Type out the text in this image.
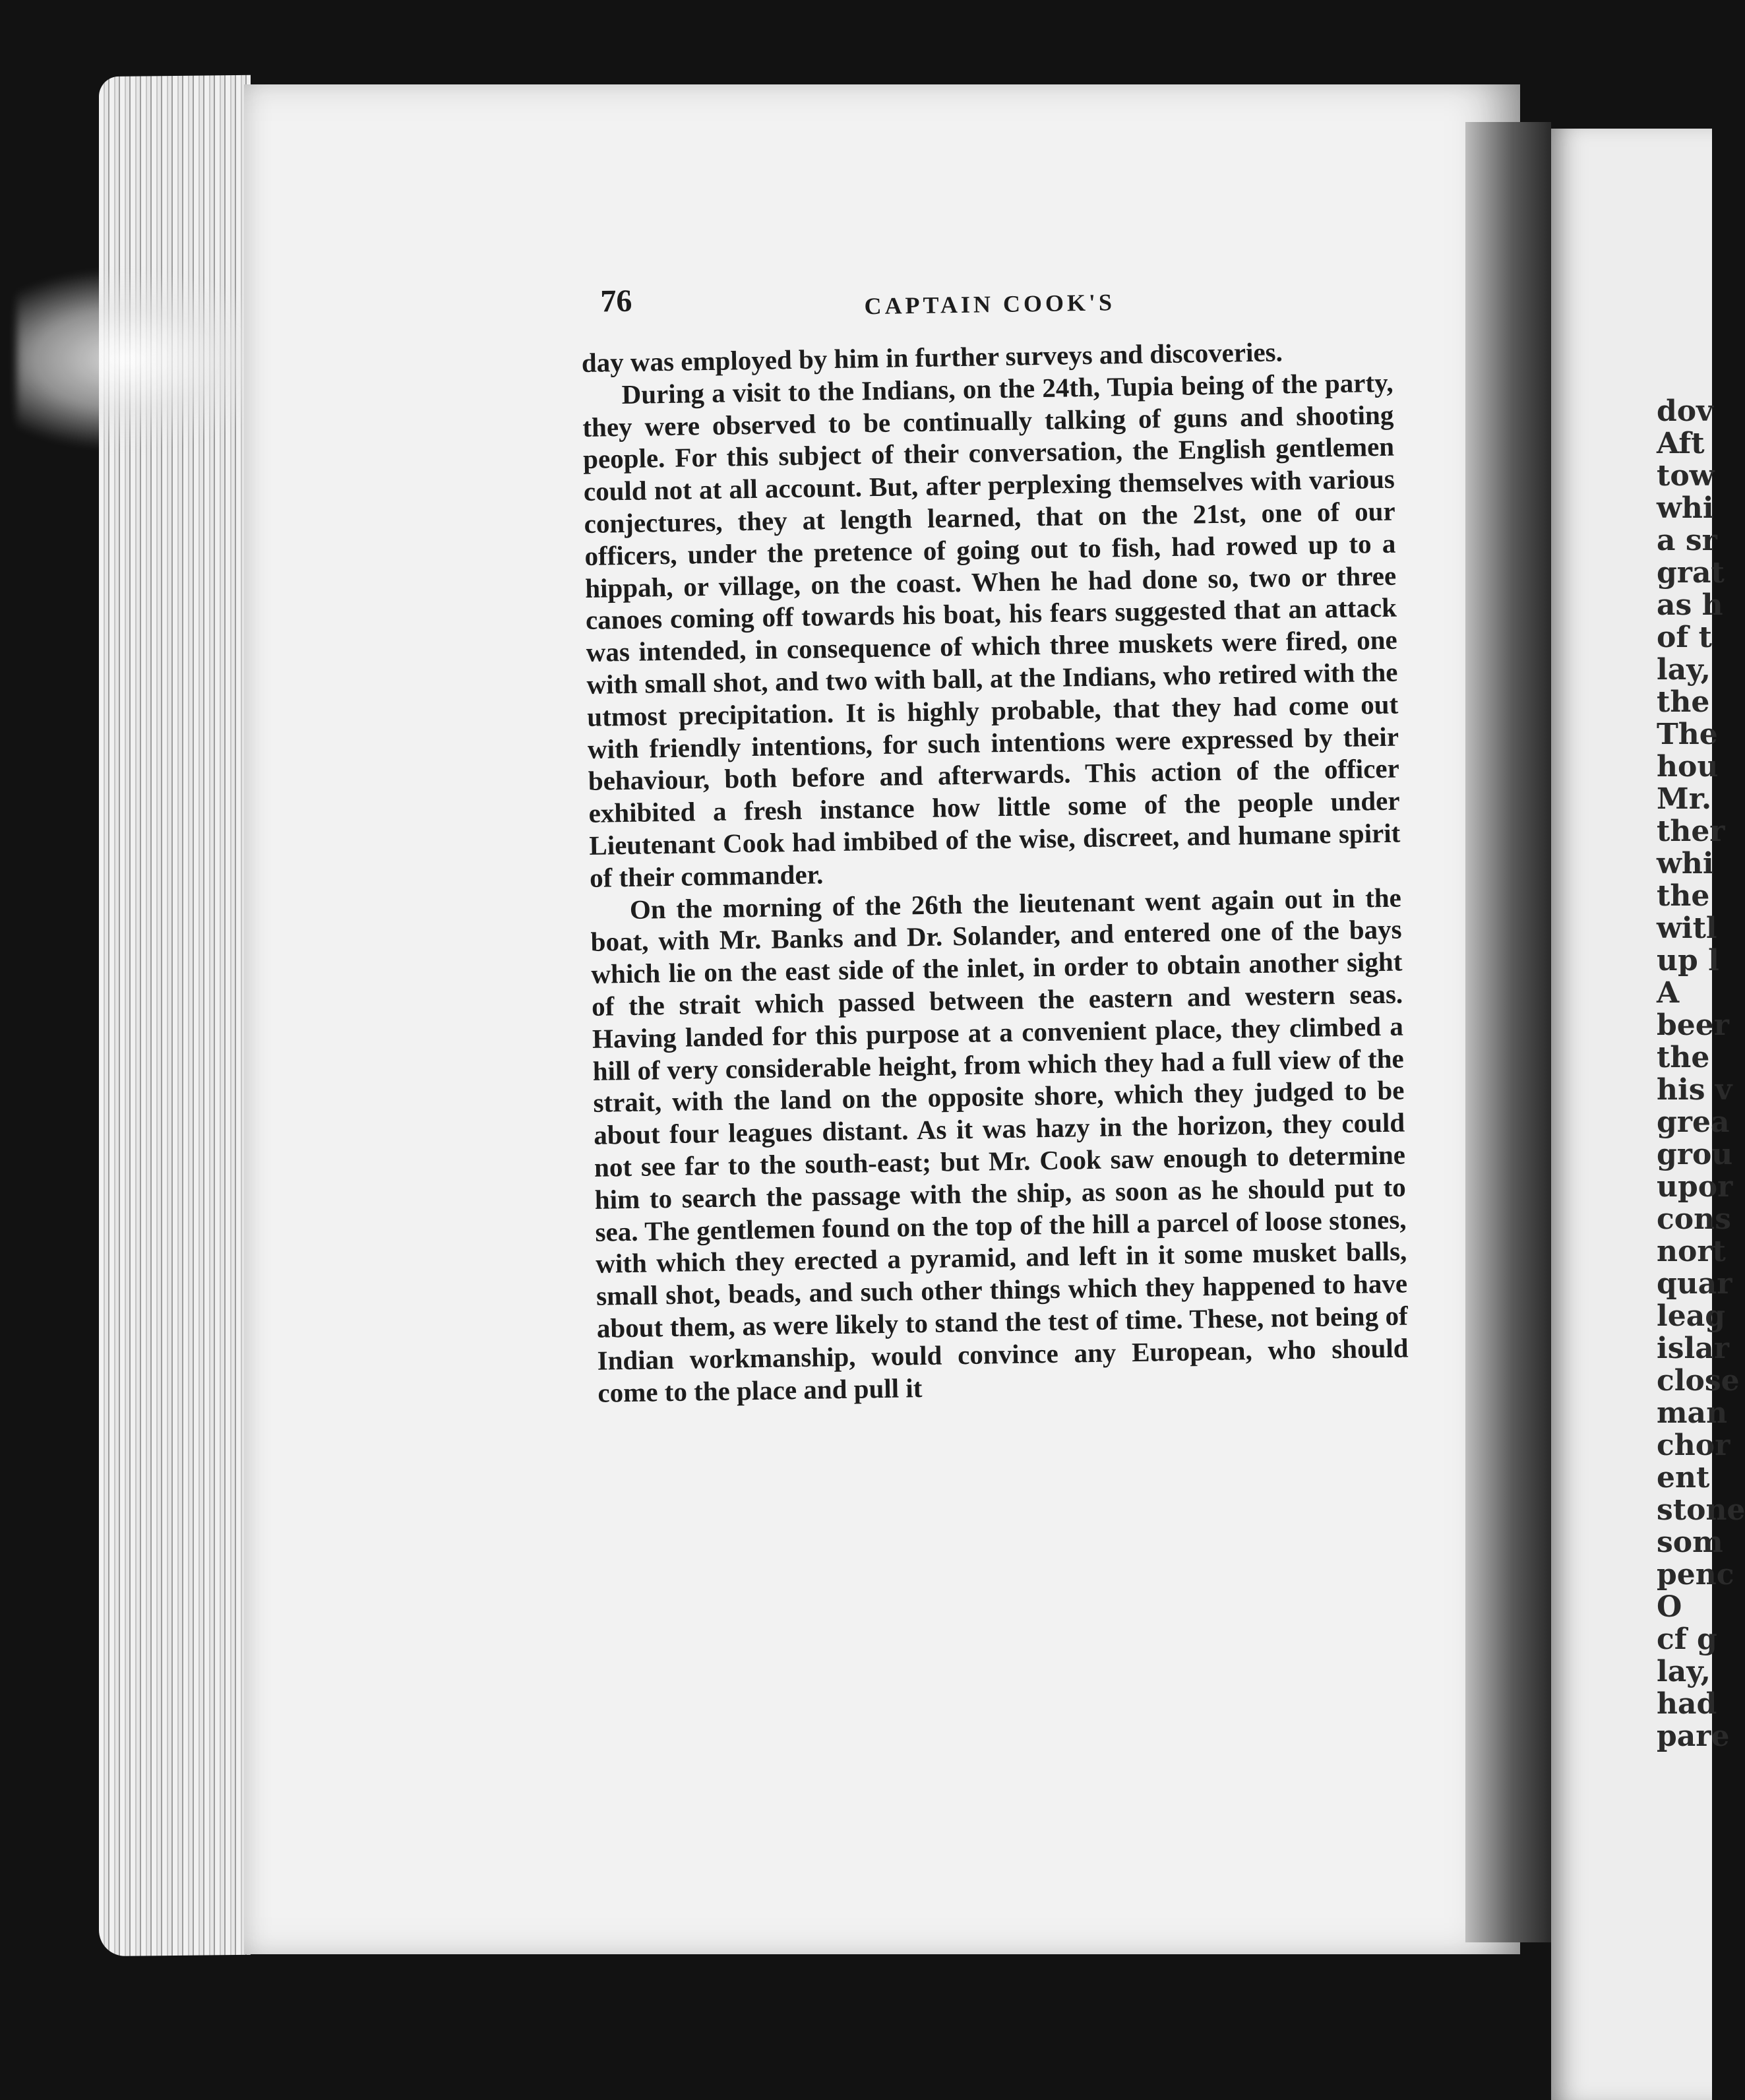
dov
Aft
tow
whi
a sr
grat
as h
of t
lay,
the
The
hou
Mr.
ther
whi
the
witl
up l
A
beer
the
his v
grea
grou
upor
cons
nort
quar
leag
islar
close
man
chor
ent
stone
som
penc
O
cf g
lay,
had
pare
76	CAPTAIN COOK'S

day was employed by him in further surveys and discoveries.

During a visit to the Indians, on the 24th, Tupia being of the party, they were observed to be continually talking of guns and shooting people. For this subject of their conversation, the English gentlemen could not at all account. But, after perplexing themselves with various conjectures, they at length learned, that on the 21st, one of our officers, under the pretence of going out to fish, had rowed up to a hippah, or village, on the coast. When he had done so, two or three canoes coming off towards his boat, his fears suggested that an attack was intended, in consequence of which three muskets were fired, one with small shot, and two with ball, at the Indians, who retired with the utmost precipitation. It is highly probable, that they had come out with friendly intentions, for such intentions were expressed by their behaviour, both before and afterwards. This action of the officer exhibited a fresh instance how little some of the people under Lieutenant Cook had imbibed of the wise, discreet, and humane spirit of their commander.

On the morning of the 26th the lieutenant went again out in the boat, with Mr. Banks and Dr. Solander, and entered one of the bays which lie on the east side of the inlet, in order to obtain another sight of the strait which passed between the eastern and western seas. Having landed for this purpose at a convenient place, they climbed a hill of very considerable height, from which they had a full view of the strait, with the land on the opposite shore, which they judged to be about four leagues distant. As it was hazy in the horizon, they could not see far to the south-east; but Mr. Cook saw enough to determine him to search the passage with the ship, as soon as he should put to sea. The gentlemen found on the top of the hill a parcel of loose stones, with which they erected a pyramid, and left in it some musket balls, small shot, beads, and such other things which they happened to have about them, as were likely to stand the test of time. These, not being of Indian workmanship, would convince any European, who should come to the place and pull it
